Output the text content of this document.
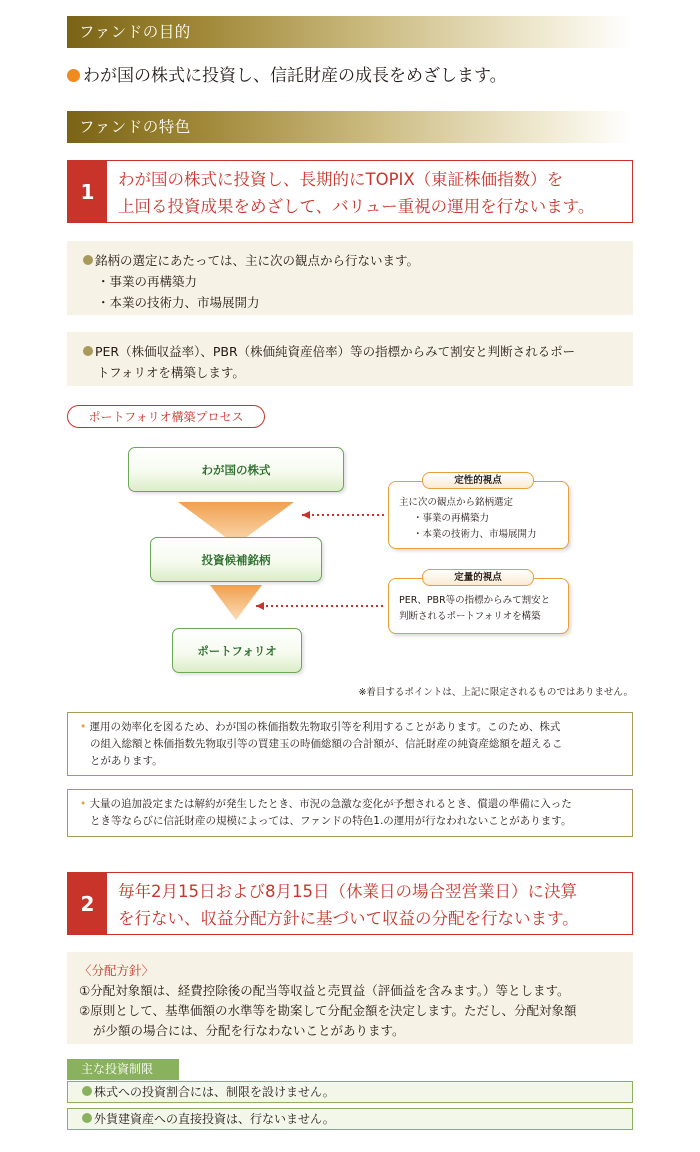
ファンドの目的
わが国の株式に投資し、信託財産の成長をめざします。
ファンドの特色
1	わが国の株式に投資し、長期的にTOPIX（東証株価指数）を
上回る投資成果をめざして、バリュー重視の運用を行ないます。
銘柄の選定にあたっては、主に次の観点から行ないます。
・事業の再構築力
・本業の技術力、市場展開力
PER（株価収益率）、PBR（株価純資産倍率）等の指標からみて割安と判断されるポー
トフォリオを構築します。
ポートフォリオ構築プロセス
わが国の株式
投資候補銘柄
ポートフォリオ
主に次の観点から銘柄選定
・事業の再構築力
・本業の技術力、市場展開力
定性的視点
PER、PBR等の指標からみて割安と
判断されるポートフォリオを構築
定量的視点
※着目するポイントは、上記に限定されるものではありません。
• 運用の効率化を図るため、わが国の株価指数先物取引等を利用することがあります。このため、株式
の組入総額と株価指数先物取引等の買建玉の時価総額の合計額が、信託財産の純資産総額を超えるこ
とがあります。
• 大量の追加設定または解約が発生したとき、市況の急激な変化が予想されるとき、償還の準備に入った
とき等ならびに信託財産の規模によっては、ファンドの特色1.の運用が行なわれないことがあります。
2	毎年2月15日および8月15日（休業日の場合翌営業日）に決算
を行ない、収益分配方針に基づいて収益の分配を行ないます。
〈分配方針〉
①分配対象額は、経費控除後の配当等収益と売買益（評価益を含みます。）等とします。
②原則として、基準価額の水準等を勘案して分配金額を決定します。ただし、分配対象額
が少額の場合には、分配を行なわないことがあります。
主な投資制限
株式への投資割合には、制限を設けません。
外貨建資産への直接投資は、行ないません。
